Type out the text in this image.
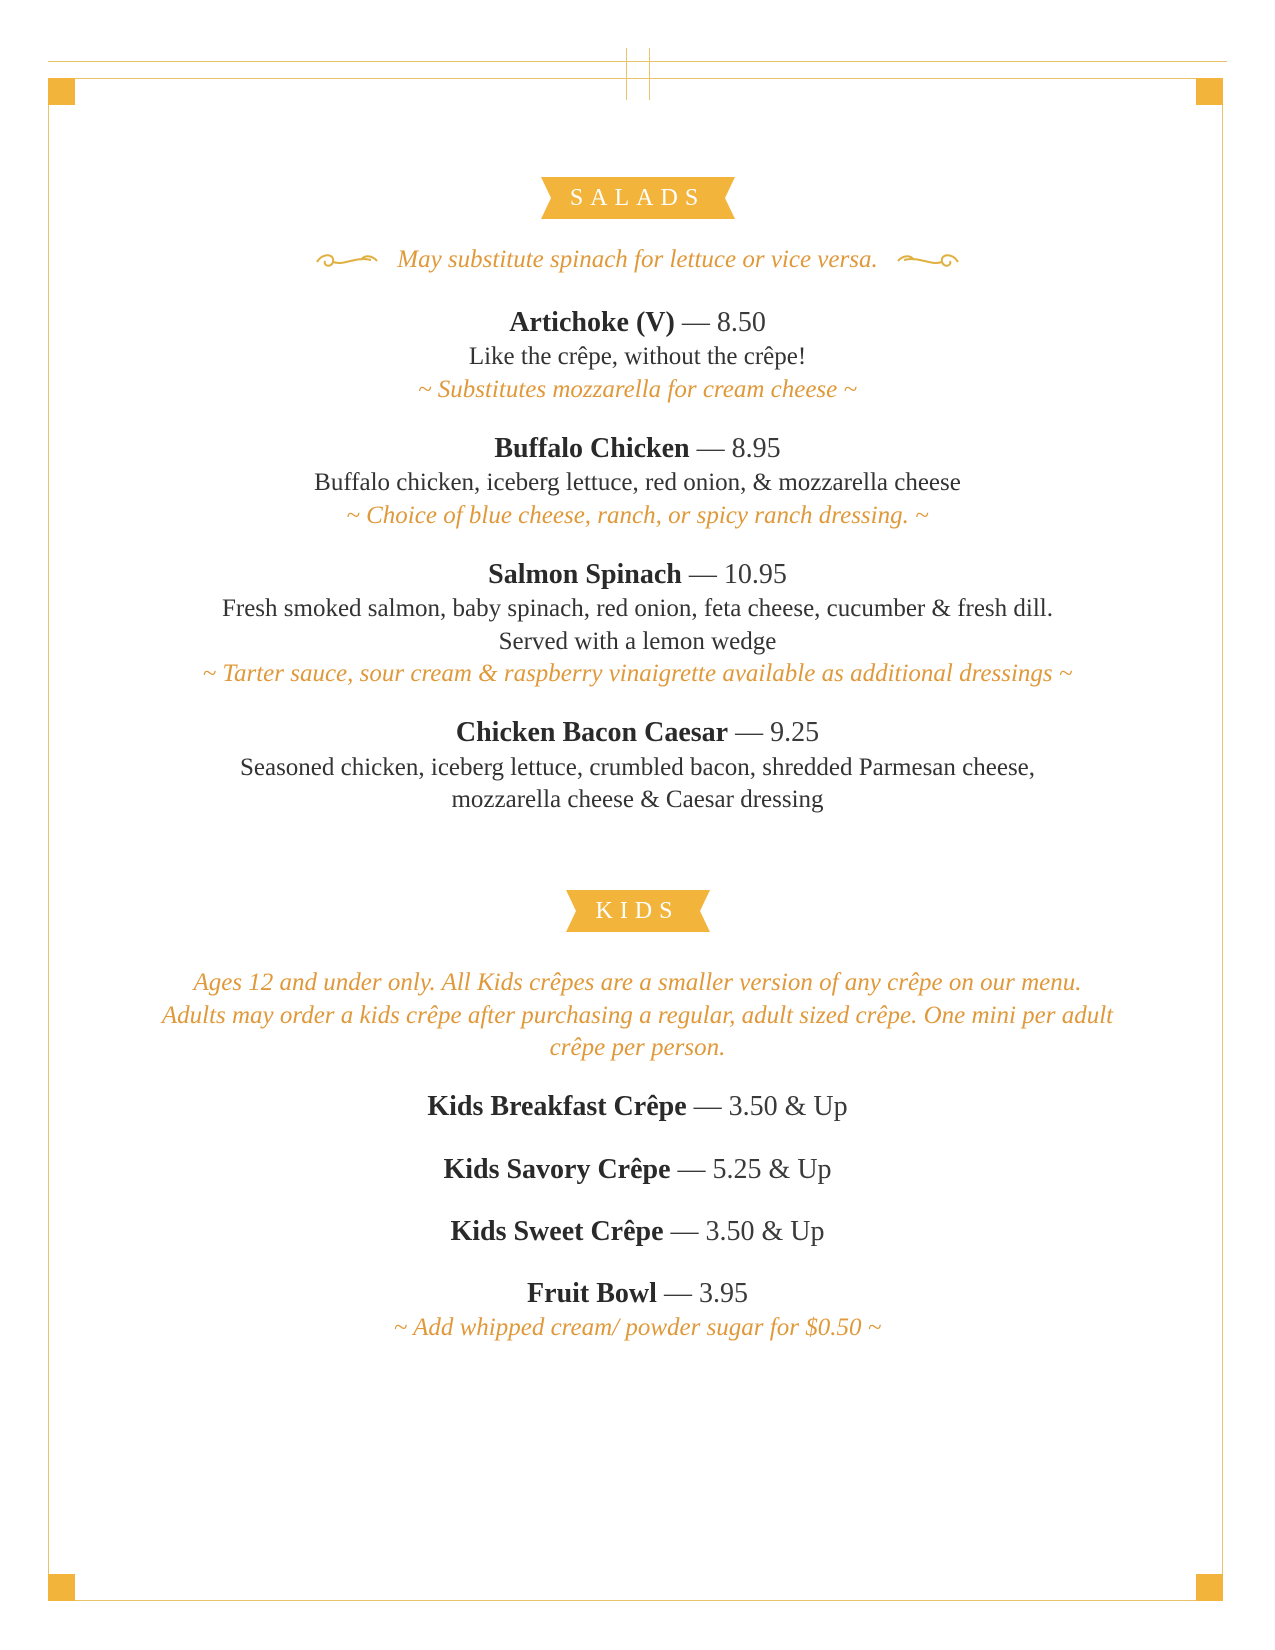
SALADS
May substitute spinach for lettuce or vice versa.
Artichoke (V) — 8.50
Like the crêpe, without the crêpe!
~ Substitutes mozzarella for cream cheese ~
Buffalo Chicken — 8.95
Buffalo chicken, iceberg lettuce, red onion, & mozzarella cheese
~ Choice of blue cheese, ranch, or spicy ranch dressing. ~
Salmon Spinach — 10.95
Fresh smoked salmon, baby spinach, red onion, feta cheese, cucumber & fresh dill.
Served with a lemon wedge
~ Tarter sauce, sour cream & raspberry vinaigrette available as additional dressings ~
Chicken Bacon Caesar — 9.25
Seasoned chicken, iceberg lettuce, crumbled bacon, shredded Parmesan cheese,
mozzarella cheese & Caesar dressing
KIDS
Ages 12 and under only. All Kids crêpes are a smaller version of any crêpe on our menu.
Adults may order a kids crêpe after purchasing a regular, adult sized crêpe. One mini per adult
crêpe per person.
Kids Breakfast Crêpe — 3.50 & Up
Kids Savory Crêpe — 5.25 & Up
Kids Sweet Crêpe — 3.50 & Up
Fruit Bowl — 3.95
~ Add whipped cream/ powder sugar for $0.50 ~
